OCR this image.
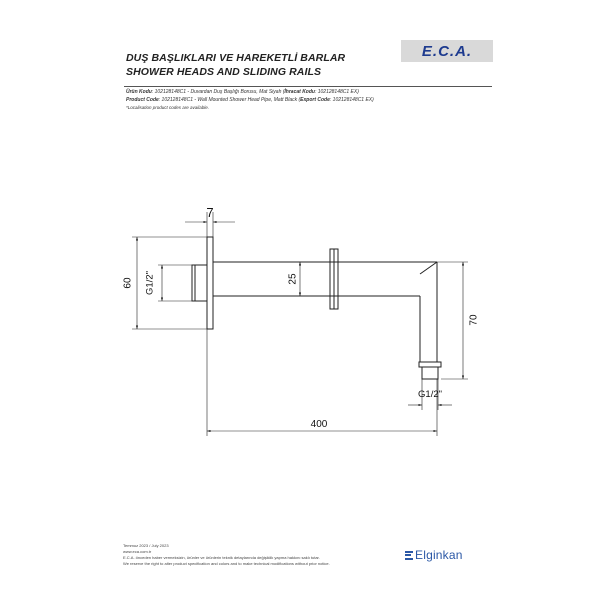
DUŞ BAŞLIKLARI VE HAREKETLİ BARLAR
SHOWER HEADS AND SLIDING RAILS
E.C.A.
Ürün Kodu: 102128148C1 - Duvardan Duş Başlığı Borusu, Mat Siyah (İhracat Kodu: 102128148C1 EX)
Product Code: 102128148C1 - Wall Mounted Shower Head Pipe, Matt Black (Export Code: 102128148C1 EX)
*Localisation product codes are available.
7
60 G1/2"	25
70
G1/2"
400
Temmuz 2023 / July 2023
www.eca.com.tr
E.C.A. önceden haber vermeksizin, ürünler ve ürünlerin teknik detaylarında değişiklik yapma hakkını saklı tutar.
We reserve the right to alter product specification and colors and to make technical modifications without prior notice.
Elginkan
